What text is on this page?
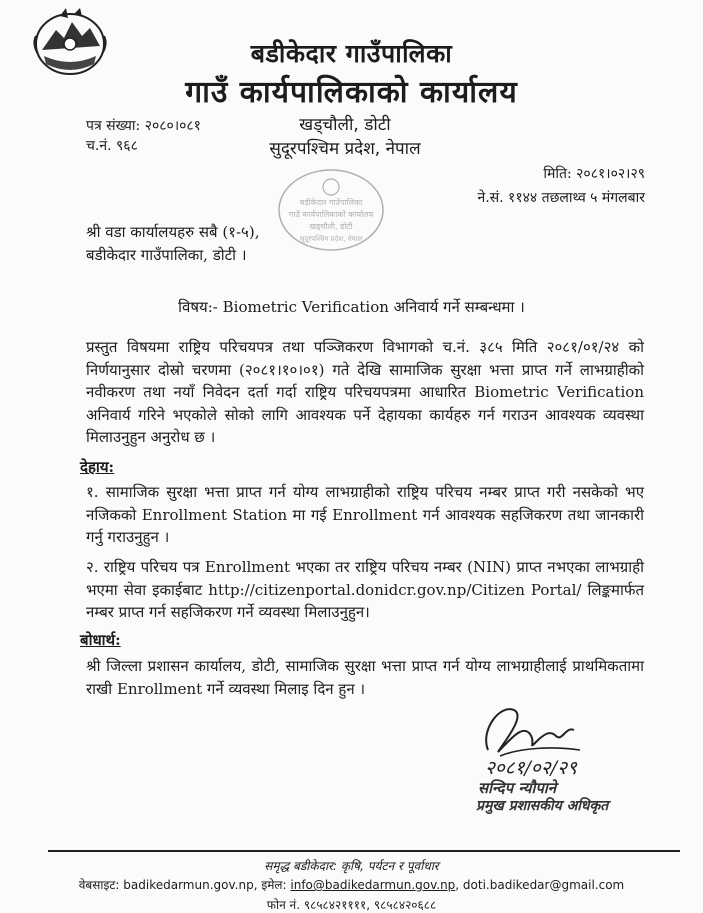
बडीकेदार गाउँपालिका
गाउँ कार्यपालिकाको कार्यालय
पत्र संख्या: २०८०।०८१
च.नं. ९६८
खड्चौली, डोटी
सुदूरपश्चिम प्रदेश, नेपाल
मिति: २०८१।०२।२९
ने.सं. ११४४ तछलाथ्व ५ मंगलबार
बडीकेदार गाउँपालिका
गाउँ कार्यपालिकाको कार्यालय
खड्चौली, डोटी
सुदूरपश्चिम प्रदेश, नेपाल
श्री वडा कार्यालयहरु सबै (१-५),
बडीकेदार गाउँपालिका, डोटी ।
विषय:- Biometric Verification अनिवार्य गर्ने सम्बन्धमा ।
प्रस्तुत विषयमा राष्ट्रिय परिचयपत्र तथा पञ्जिकरण विभागको च.नं. ३८५ मिति २०८१/०१/२४ को निर्णयानुसार दोस्रो चरणमा (२०८१।१०।०१) गते देखि सामाजिक सुरक्षा भत्ता प्राप्त गर्ने लाभग्राहीको नवीकरण तथा नयाँ निवेदन दर्ता गर्दा राष्ट्रिय परिचयपत्रमा आधारित Biometric Verification अनिवार्य गरिने भएकोले सोको लागि आवश्यक पर्ने देहायका कार्यहरु गर्न गराउन आवश्यक व्यवस्था मिलाउनुहुन अनुरोध छ ।
देहाय:
१. सामाजिक सुरक्षा भत्ता प्राप्त गर्न योग्य लाभग्राहीको राष्ट्रिय परिचय नम्बर प्राप्त गरी नसकेको भए नजिकको Enrollment Station मा गई Enrollment गर्न आवश्यक सहजिकरण तथा जानकारी गर्नु गराउनुहुन ।
२. राष्ट्रिय परिचय पत्र Enrollment भएका तर राष्ट्रिय परिचय नम्बर (NIN) प्राप्त नभएका लाभग्राही भएमा सेवा इकाईबाट http://citizenportal.donidcr.gov.np/Citizen Portal/ लिङ्कमार्फत नम्बर प्राप्त गर्न सहजिकरण गर्ने व्यवस्था मिलाउनुहुन।
बोधार्थ:
श्री जिल्ला प्रशासन कार्यालय, डोटी, सामाजिक सुरक्षा भत्ता प्राप्त गर्न योग्य लाभग्राहीलाई प्राथमिकतामा राखी Enrollment गर्ने व्यवस्था मिलाइ दिन हुन ।
२०८१/०२/२९
सन्दिप न्यौपाने
प्रमुख प्रशासकीय अधिकृत
समृद्ध बडीकेदार: कृषि, पर्यटन र पूर्वाधार
वेबसाइट: badikedarmun.gov.np, इमेल: info@badikedarmun.gov.np, doti.badikedar@gmail.com
फोन नं. ९८५८४२११११, ९८५८४२०६८८
